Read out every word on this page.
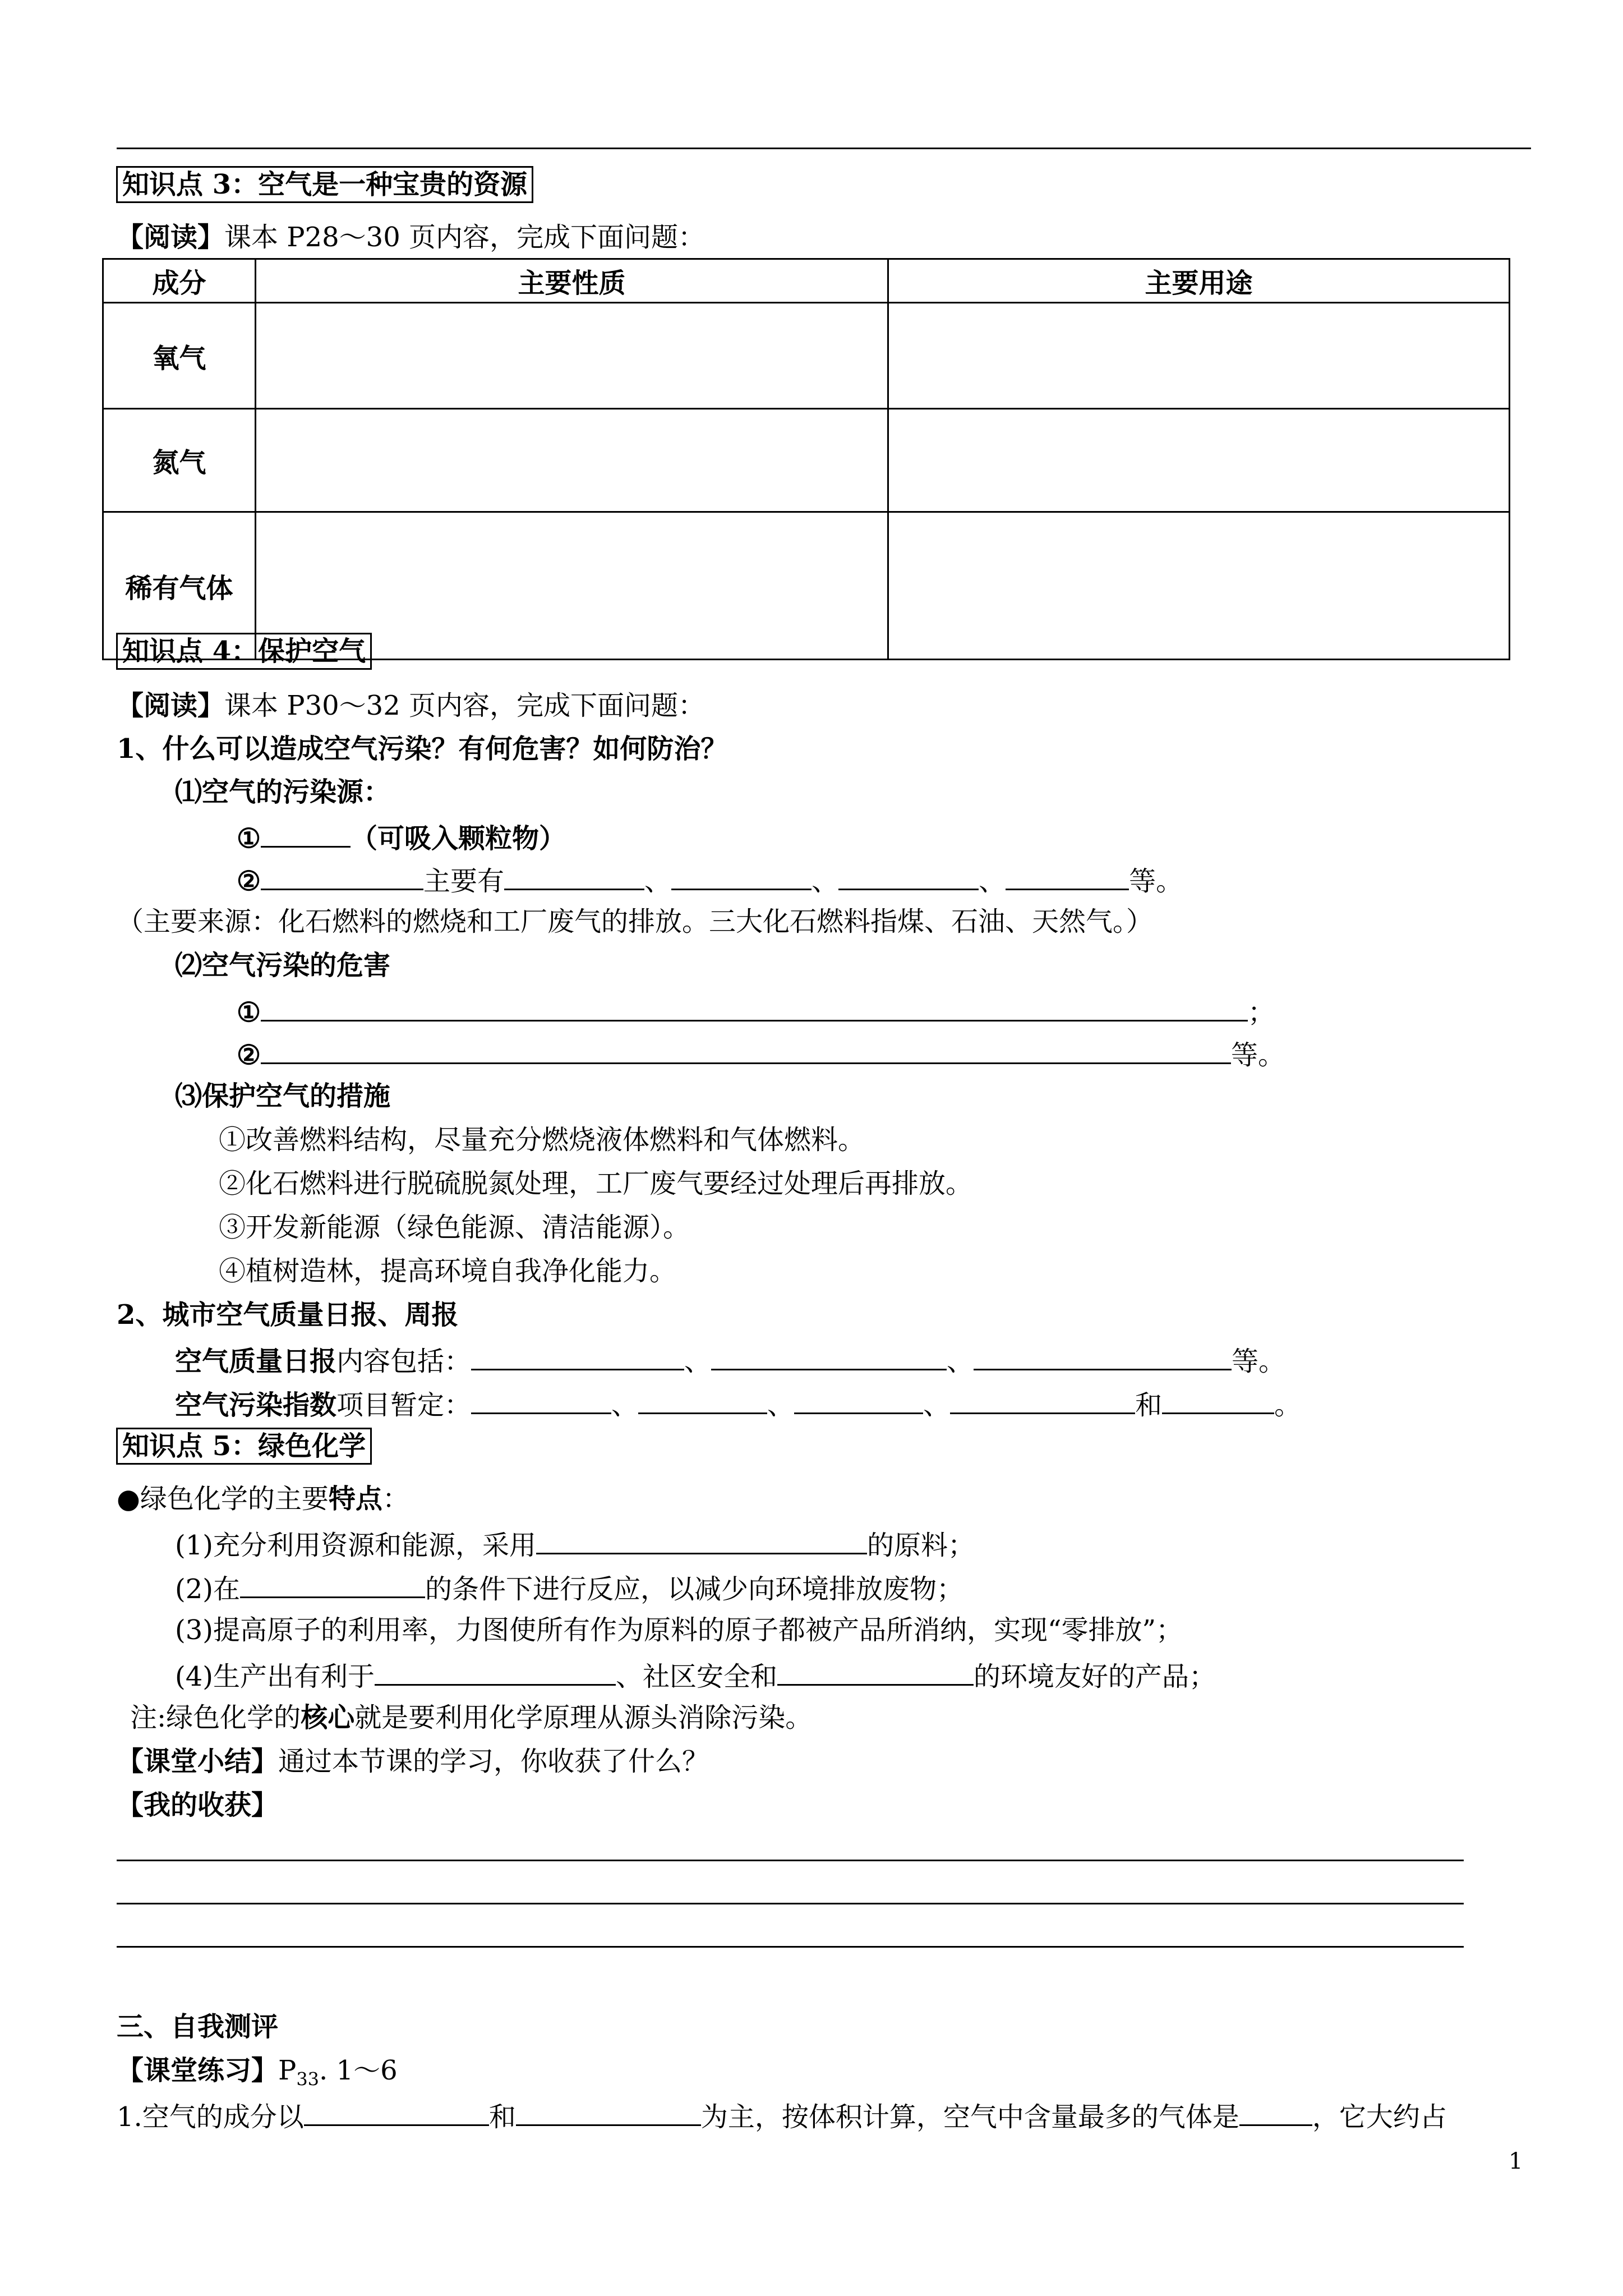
知识点 3：空气是一种宝贵的资源
【阅读】课本 P28～30 页内容，完成下面问题：
成分	主要性质	主要用途
氧气		
氮气		
稀有气体		
知识点 4：保护空气
【阅读】课本 P30～32 页内容，完成下面问题：
1、什么可以造成空气污染？有何危害？如何防治？
⑴空气的污染源：
①	（可吸入颗粒物）
②	主要有	、	、	、	等。
（主要来源：化石燃料的燃烧和工厂废气的排放。三大化石燃料指煤、石油、天然气。）
⑵空气污染的危害
①	；
②	等。
⑶保护空气的措施
①改善燃料结构，尽量充分燃烧液体燃料和气体燃料。
②化石燃料进行脱硫脱氮处理，工厂废气要经过处理后再排放。
③开发新能源（绿色能源、清洁能源）。
④植树造林，提高环境自我净化能力。
2、城市空气质量日报、周报
空气质量日报内容包括：	、	、	等。
空气污染指数项目暂定：	、	、	、	和	。
知识点 5：绿色化学
●绿色化学的主要特点：
(1)充分利用资源和能源，采用	的原料；
(2)在	的条件下进行反应，以减少向环境排放废物；
(3)提高原子的利用率，力图使所有作为原料的原子都被产品所消纳，实现“零排放”；
(4)生产出有利于	、社区安全和	的环境友好的产品；
注:绿色化学的核心就是要利用化学原理从源头消除污染。
【课堂小结】通过本节课的学习，你收获了什么？
【我的收获】
三、自我测评
【课堂练习】$P_{33}$. 1～6
1.空气的成分以	和	为主，按体积计算，空气中含量最多的气体是	，它大约占
1
